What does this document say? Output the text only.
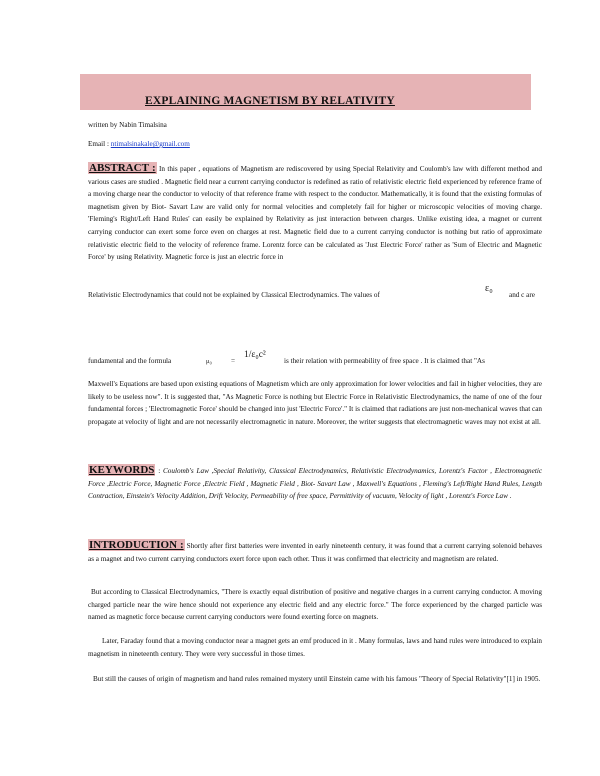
EXPLAINING MAGNETISM BY RELATIVITY
written by Nabin Timalsina
Email : ntimalsinakale@gmail.com

ABSTRACT : In this paper , equations of Magnetism are rediscovered by using Special Relativity and Coulomb's law with different method and various cases are studied . Magnetic field near a current carrying conductor is redefined as ratio of relativistic electric field experienced by reference frame of a moving charge near the conductor to velocity of that reference frame with respect to the conductor. Mathematically, it is found that the existing formulas of magnetism given by Biot- Savart Law are valid only for normal velocities and completely fail for higher or microscopic velocities of moving charge. 'Fleming's Right/Left Hand Rules' can easily be explained by Relativity as just interaction between charges. Unlike existing idea, a magnet or current carrying conductor can exert some force even on charges at rest. Magnetic field due to a current carrying conductor is nothing but ratio of approximate relativistic electric field to the velocity of reference frame. Lorentz force can be calculated as 'Just Electric Force' rather as 'Sum of Electric and Magnetic Force' by using Relativity. Magnetic force is just an electric force in

Relativistic Electrodynamics that could not be explained by Classical Electrodynamics. The values of
ε₀
and c are
fundamental and the formula	μ₀	=
1/ε₀c²
is their relation with permeability of free space . It is claimed that "As

Maxwell's Equations are based upon existing equations of Magnetism which are only approximation for lower velocities and fail in higher velocities, they are likely to be useless now". It is suggested that, "As Magnetic Force is nothing but Electric Force in Relativistic Electrodynamics, the name of one of the four fundamental forces ; 'Electromagnetic Force' should be changed into just 'Electric Force'." It is claimed that radiations are just non-mechanical waves that can propagate at velocity of light and are not necessarily electromagnetic in nature. Moreover, the writer suggests that electromagnetic waves may not exist at all.

KEYWORDS : Coulomb's Law ,Special Relativity, Classical Electrodynamics, Relativistic Electrodynamics, Lorentz's Factor , Electromagnetic Force ,Electric Force, Magnetic Force ,Electric Field , Magnetic Field , Biot- Savart Law , Maxwell's Equations , Fleming's Left/Right Hand Rules, Length Contraction, Einstein's Velocity Addition, Drift Velocity, Permeability of free space, Permittivity of vacuum, Velocity of light , Lorentz's Force Law .

INTRODUCTION : Shortly after first batteries were invented in early nineteenth century, it was found that a current carrying solenoid behaves as a magnet and two current carrying conductors exert force upon each other. Thus it was confirmed that electricity and magnetism are related.

But according to Classical Electrodynamics, "There is exactly equal distribution of positive and negative charges in a current carrying conductor. A moving charged particle near the wire hence should not experience any electric field and any electric force." The force experienced by the charged particle was named as magnetic force because current carrying conductors were found exerting force on magnets.

Later, Faraday found that a moving conductor near a magnet gets an emf produced in it . Many formulas, laws and hand rules were introduced to explain magnetism in nineteenth century. They were very successful in those times.

But still the causes of origin of magnetism and hand rules remained mystery until Einstein came with his famous "Theory of Special Relativity"[1] in 1905.
